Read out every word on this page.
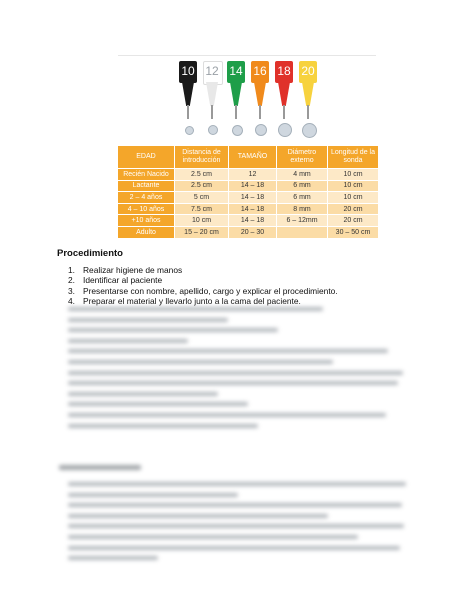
10 12 14 16 18 20
EDAD	Distancia de introducción	TAMAÑO	Diámetro externo	Longitud de la sonda
Recién Nacido	2.5 cm	12	4 mm	10 cm
Lactante	2.5 cm	14 – 18	6 mm	10 cm
2 – 4 años	5 cm	14 – 18	6 mm	10 cm
4 – 10 años	7.5 cm	14 – 18	8 mm	20 cm
+10 años	10 cm	14 – 18	6 – 12mm	20 cm
Adulto	15 – 20 cm	20 – 30		30 – 50 cm
Procedimiento
1. Realizar higiene de manos
2. Identificar al paciente
3. Presentarse con nombre, apellido, cargo y explicar el procedimiento.
4. Preparar el material y llevarlo junto a la cama del paciente.
